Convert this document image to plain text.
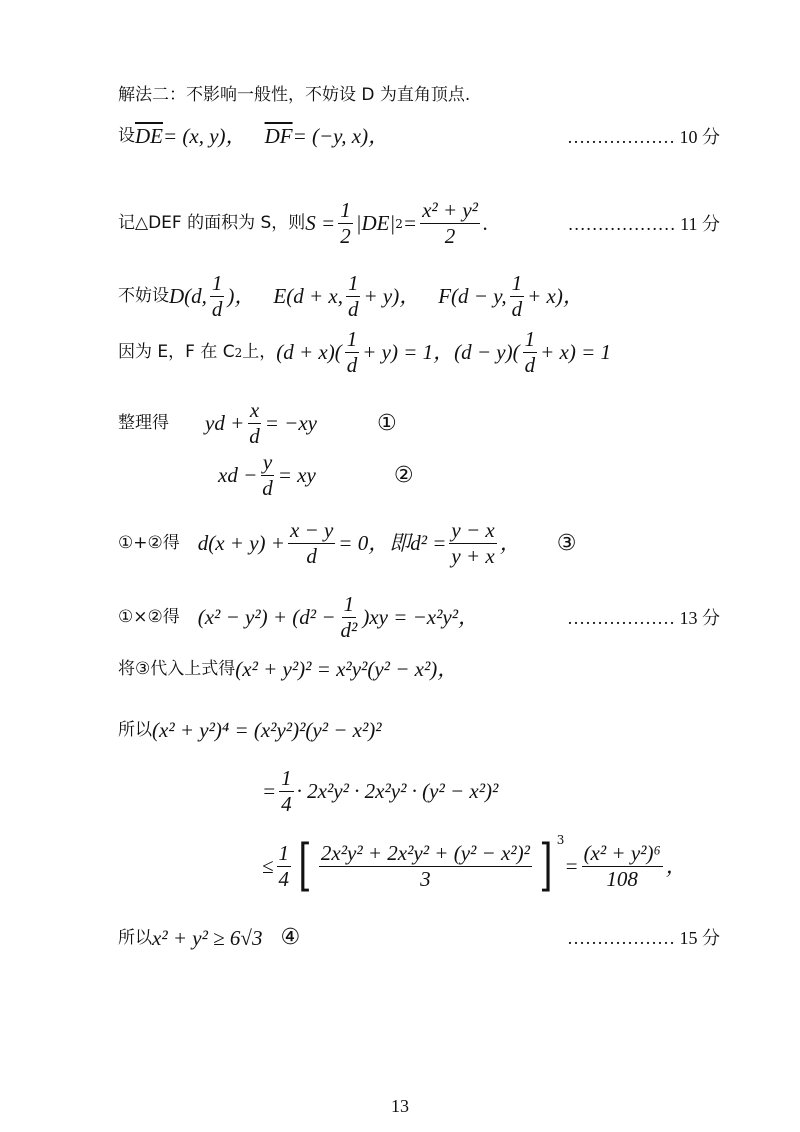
解法二：不影响一般性，不妨设 D 为直角顶点.
设 $\overline{DE} = (x$, y)， $\overline{DF} = (-y$, x)，	……………… 10 分
记△DEF 的面积为 S，则 $S = \frac{1}{2} |DE|$ $2 = \frac{\text{x² + y²}}{2}$ .	……………… 11 分
不妨设 D(d, $\frac{1}{d}$ )， E(d + x, $\frac{1}{d} + y$)， F(d − y, $\frac{1}{d} + x$)，
因为 E，F 在 C 2 上， $(d + x)( \frac{1}{d} + y) = 1$， $(d - y)( \frac{1}{d} + x) = 1$
整理得 yd + $\frac{x}{d} = -xy$	①
xd − $\frac{y}{d}$ = xy	②
①+②得 $d(x + y) + \frac{x - y}{d} = 0$，即 $d^2 = \frac{y - x}{y + x}$ ， ③
①×②得 $(x^2 - y^2) + (d^2 - \frac{1}{\text{d²}} )xy = -x^2y^2$，	……………… 13 分
将③代入上式得 (x² + y²)² = x²y²(y² − x²)，
所以 (x² + y²)⁴ = (x²y²)²(y² − x²)²
= $\frac{1}{4} \cdot 2x^2y^2 \cdot 2x^2y^2 \cdot (y^2 - x^2)^2$
≤ $\frac{1}{4}$ [ $\frac{\text{2x²y² + 2x²y² + (y² − x²)²}}{3}$ ] $^3$
= $\frac{\text{(x² + y²)⁶}}{108}$ ，
所以 x² + y² ≥ 6√3 ④	……………… 15 分
13
